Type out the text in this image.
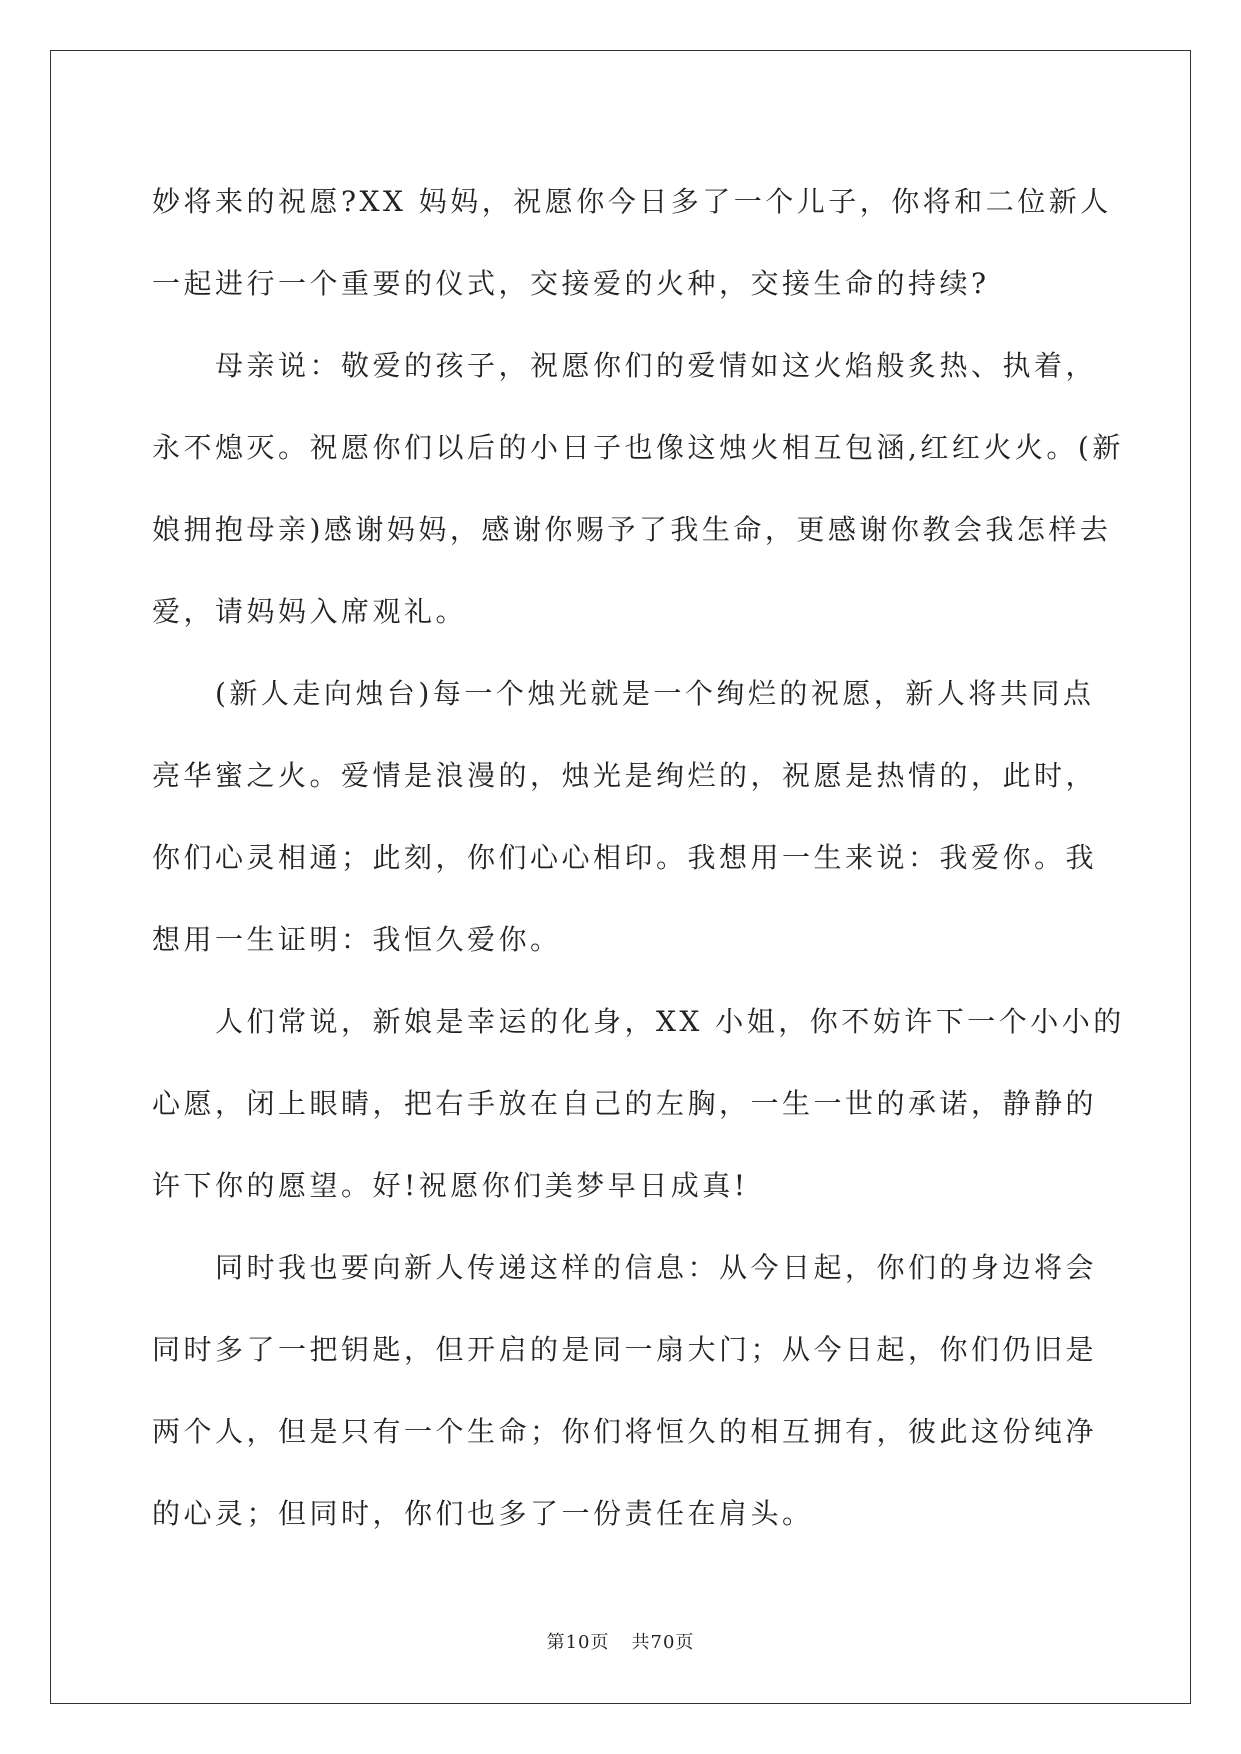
妙将来的祝愿?XX 妈妈，祝愿你今日多了一个儿子，你将和二位新人
一起进行一个重要的仪式，交接爱的火种，交接生命的持续?

母亲说：敬爱的孩子，祝愿你们的爱情如这火焰般炙热、执着，
永不熄灭。祝愿你们以后的小日子也像这烛火相互包涵,红红火火。(新
娘拥抱母亲)感谢妈妈，感谢你赐予了我生命，更感谢你教会我怎样去
爱，请妈妈入席观礼。

(新人走向烛台)每一个烛光就是一个绚烂的祝愿，新人将共同点
亮华蜜之火。爱情是浪漫的，烛光是绚烂的，祝愿是热情的，此时，
你们心灵相通；此刻，你们心心相印。我想用一生来说：我爱你。我
想用一生证明：我恒久爱你。

人们常说，新娘是幸运的化身，XX 小姐，你不妨许下一个小小的
心愿，闭上眼睛，把右手放在自己的左胸，一生一世的承诺，静静的
许下你的愿望。好!祝愿你们美梦早日成真!

同时我也要向新人传递这样的信息：从今日起，你们的身边将会
同时多了一把钥匙，但开启的是同一扇大门；从今日起，你们仍旧是
两个人，但是只有一个生命；你们将恒久的相互拥有，彼此这份纯净
的心灵；但同时，你们也多了一份责任在肩头。

第10页 共70页
